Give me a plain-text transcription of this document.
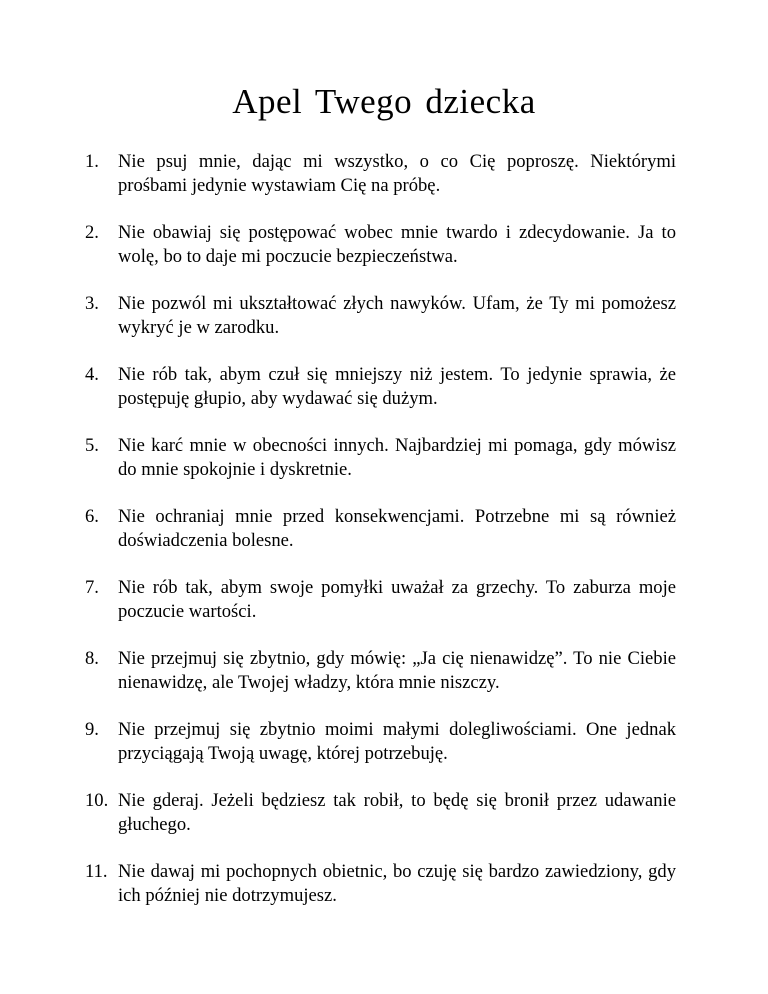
Apel Twego dziecka
1.	Nie psuj mnie, dając mi wszystko, o co Cię poproszę. Niektórymi prośbami jedynie wystawiam Cię na próbę.
2.	Nie obawiaj się postępować wobec mnie twardo i zdecydowanie. Ja to wolę, bo to daje mi poczucie bezpieczeństwa.
3.	Nie pozwól mi ukształtować złych nawyków. Ufam, że Ty mi pomożesz wykryć je w zarodku.
4.	Nie rób tak, abym czuł się mniejszy niż jestem. To jedynie sprawia, że postępuję głupio, aby wydawać się dużym.
5.	Nie karć mnie w obecności innych. Najbardziej mi pomaga, gdy mówisz do mnie spokojnie i dyskretnie.
6.	Nie ochraniaj mnie przed konsekwencjami. Potrzebne mi są również doświadczenia bolesne.
7.	Nie rób tak, abym swoje pomyłki uważał za grzechy. To zaburza moje poczucie wartości.
8.	Nie przejmuj się zbytnio, gdy mówię: „Ja cię nienawidzę”. To nie Ciebie nienawidzę, ale Twojej władzy, która mnie niszczy.
9.	Nie przejmuj się zbytnio moimi małymi dolegliwościami. One jednak przyciągają Twoją uwagę, której potrzebuję.
10. Nie gderaj. Jeżeli będziesz tak robił, to będę się bronił przez udawanie głuchego.
11. Nie dawaj mi pochopnych obietnic, bo czuję się bardzo zawiedziony, gdy ich później nie dotrzymujesz.
